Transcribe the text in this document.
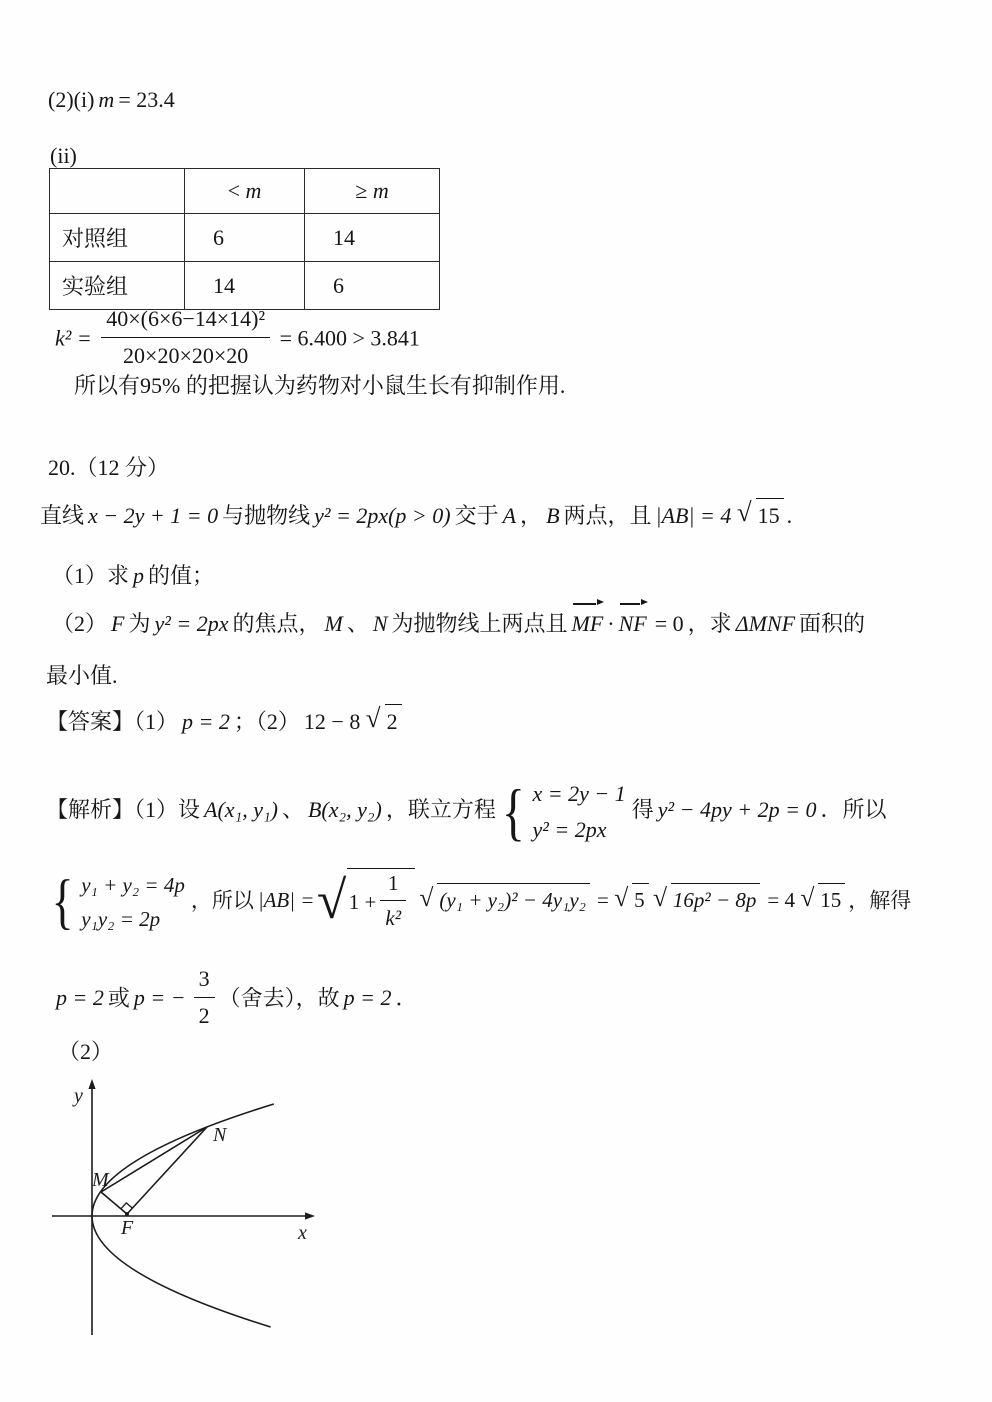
(2)(i) m = 23.4
(ii)
	< m	≥ m
对照组	6	14
实验组	14	6
$k^2 = \frac{\text{40×(6×6−14×14)²}}{20\times 20\times 20\times 20} = 6.400 > 3.841$
所以有95% 的把握认为药物对小鼠生长有抑制作用.
20.（12 分）
直线 x − 2y + 1 = 0 与抛物线 y² = 2px(p > 0) 交于 A ， B 两点，且 |AB| = 4 √ 15 .
（1）求 p 的值；
（2） F 为 y² = 2px 的焦点， M 、 N 为抛物线上两点且 MF · NF = 0 ，求 ΔMNF 面积的
最小值.
【答案】（1） p = 2 ；（2） 12 − 8 √ 2
【解析】（1）设 A(x₁, y₁) 、 B(x₂, y₂) ，联立方程
{ x = 2y − 1
y² = 2px
得 y² − 4py + 2p = 0 ．所以
{ y₁ + y₂ = 4p
y₁y₂ = 2p
，所以 |AB| = √ $1 + \frac{1}{\text{k²}}$ √ (y₁ + y₂)² − 4y₁y₂ = √ 5 √ 16p² − 8p = 4 √ 15 ，解得
p = 2 或 p = − $\frac{3}{2}$ （舍去），故 p = 2 ．
（2）
y
x
M
N
F
